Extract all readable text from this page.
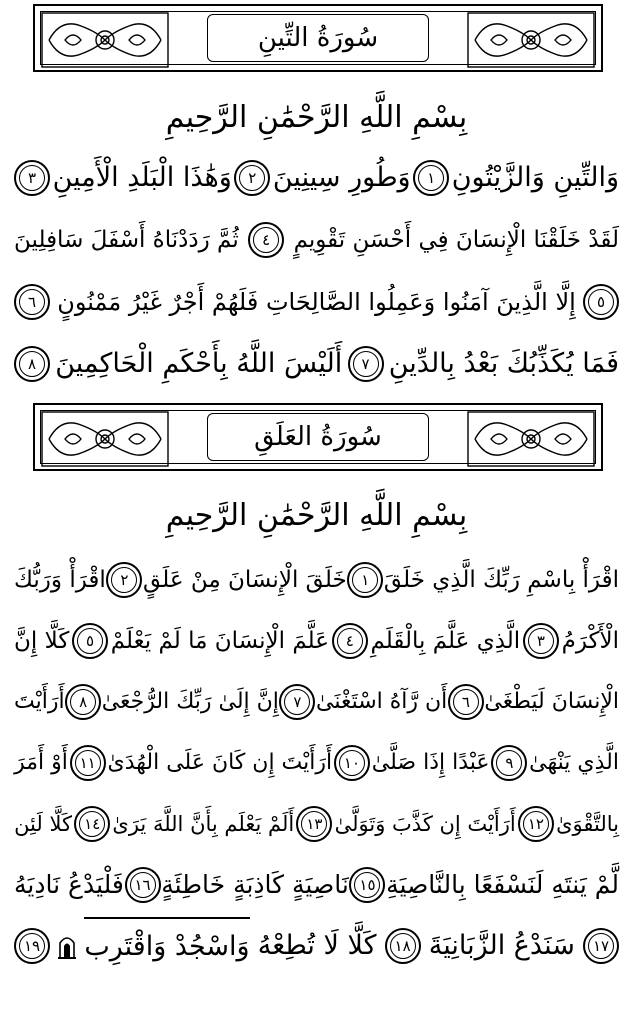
سُورَةُ التِّينِ
بِسْمِ اللَّهِ الرَّحْمَٰنِ الرَّحِيمِ
وَالتِّينِ وَالزَّيْتُونِ
١
وَطُورِ سِينِينَ
٢
وَهَٰذَا الْبَلَدِ الْأَمِينِ
٣
لَقَدْ خَلَقْنَا الْإِنسَانَ فِي أَحْسَنِ تَقْوِيمٍ
٤
ثُمَّ رَدَدْنَاهُ أَسْفَلَ سَافِلِينَ
٥
إِلَّا الَّذِينَ آمَنُوا وَعَمِلُوا الصَّالِحَاتِ فَلَهُمْ أَجْرٌ غَيْرُ مَمْنُونٍ
٦
فَمَا يُكَذِّبُكَ بَعْدُ بِالدِّينِ
٧
أَلَيْسَ اللَّهُ بِأَحْكَمِ الْحَاكِمِينَ
٨
سُورَةُ العَلَقِ
بِسْمِ اللَّهِ الرَّحْمَٰنِ الرَّحِيمِ
اقْرَأْ بِاسْمِ رَبِّكَ الَّذِي خَلَقَ
١
خَلَقَ الْإِنسَانَ مِنْ عَلَقٍ
٢
اقْرَأْ وَرَبُّكَ
الْأَكْرَمُ
٣
الَّذِي عَلَّمَ بِالْقَلَمِ
٤
عَلَّمَ الْإِنسَانَ مَا لَمْ يَعْلَمْ
٥
كَلَّا إِنَّ
الْإِنسَانَ لَيَطْغَىٰ
٦
أَن رَّآهُ اسْتَغْنَىٰ
٧
إِنَّ إِلَىٰ رَبِّكَ الرُّجْعَىٰ
٨
أَرَأَيْتَ
الَّذِي يَنْهَىٰ
٩
عَبْدًا إِذَا صَلَّىٰ
١٠
أَرَأَيْتَ إِن كَانَ عَلَى الْهُدَىٰ
١١
أَوْ أَمَرَ
بِالتَّقْوَىٰ
١٢
أَرَأَيْتَ إِن كَذَّبَ وَتَوَلَّىٰ
١٣
أَلَمْ يَعْلَم بِأَنَّ اللَّهَ يَرَىٰ
١٤
كَلَّا لَئِن
لَّمْ يَنتَهِ لَنَسْفَعًا بِالنَّاصِيَةِ
١٥
نَاصِيَةٍ كَاذِبَةٍ خَاطِئَةٍ
١٦
فَلْيَدْعُ نَادِيَهُ
١٧
سَنَدْعُ الزَّبَانِيَةَ
١٨
كَلَّا لَا تُطِعْهُ
وَاسْجُدْ وَاقْتَرِب
١٩
